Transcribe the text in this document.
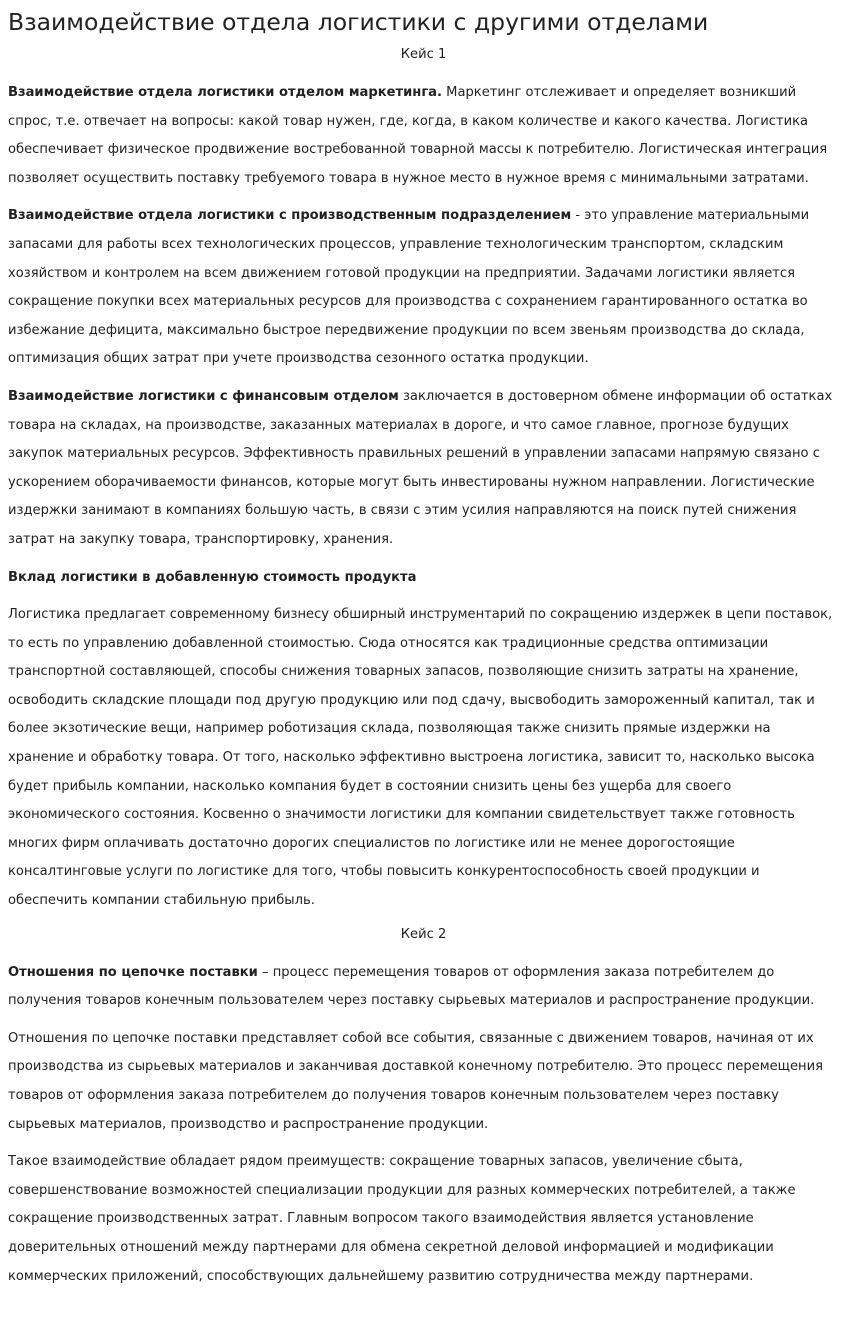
Взаимодействие отдела логистики с другими отделами
Кейс 1

Взаимодействие отдела логистики отделом маркетинга. Маркетинг отслеживает и определяет возникший спрос, т.е. отвечает на вопросы: какой товар нужен, где, когда, в каком количестве и какого качества. Логистика обеспечивает физическое продвижение востребованной товарной массы к потребителю. Логистическая интеграция позволяет осуществить поставку требуемого товара в нужное место в нужное время с минимальными затратами.

Взаимодействие отдела логистики с производственным подразделением - это управление материальными запасами для работы всех технологических процессов, управление технологическим транспортом, складским хозяйством и контролем на всем движением готовой продукции на предприятии. Задачами логистики является сокращение покупки всех материальных ресурсов для производства с сохранением гарантированного остатка во избежание дефицита, максимально быстрое передвижение продукции по всем звеньям производства до склада, оптимизация общих затрат при учете производства сезонного остатка продукции.

Взаимодействие логистики с финансовым отделом заключается в достоверном обмене информации об остатках товара на складах, на производстве, заказанных материалах в дороге, и что самое главное, прогнозе будущих закупок материальных ресурсов. Эффективность правильных решений в управлении запасами напрямую связано с ускорением оборачиваемости финансов, которые могут быть инвестированы нужном направлении. Логистические издержки занимают в компаниях большую часть, в связи с этим усилия направляются на поиск путей снижения затрат на закупку товара, транспортировку, хранения.

Вклад логистики в добавленную стоимость продукта

Логистика предлагает современному бизнесу обширный инструментарий по сокращению издержек в цепи поставок, то есть по управлению добавленной стоимостью. Сюда относятся как традиционные средства оптимизации транспортной составляющей, способы снижения товарных запасов, позволяющие снизить затраты на хранение, освободить складские площади под другую продукцию или под сдачу, высвободить замороженный капитал, так и более экзотические вещи, например роботизация склада, позволяющая также снизить прямые издержки на хранение и обработку товара. От того, насколько эффективно выстроена логистика, зависит то, насколько высока будет прибыль компании, насколько компания будет в состоянии снизить цены без ущерба для своего экономического состояния. Косвенно о значимости логистики для компании свидетельствует также готовность многих фирм оплачивать достаточно дорогих специалистов по логистике или не менее дорогостоящие консалтинговые услуги по логистике для того, чтобы повысить конкурентоспособность своей продукции и обеспечить компании стабильную прибыль.

Кейс 2

Отношения по цепочке поставки – процесс перемещения товаров от оформления заказа потребителем до получения товаров конечным пользователем через поставку сырьевых материалов и распространение продукции.

Отношения по цепочке поставки представляет собой все события, связанные с движением товаров, начиная от их производства из сырьевых материалов и заканчивая доставкой конечному потребителю. Это процесс перемещения товаров от оформления заказа потребителем до получения товаров конечным пользователем через поставку сырьевых материалов, производство и распространение продукции.

Такое взаимодействие обладает рядом преимуществ: сокращение товарных запасов, увеличение сбыта, совершенствование возможностей специализации продукции для разных коммерческих потребителей, а также сокращение производственных затрат. Главным вопросом такого взаимодействия является установление доверительных отношений между партнерами для обмена секретной деловой информацией и модификации коммерческих приложений, способствующих дальнейшему развитию сотрудничества между партнерами.
